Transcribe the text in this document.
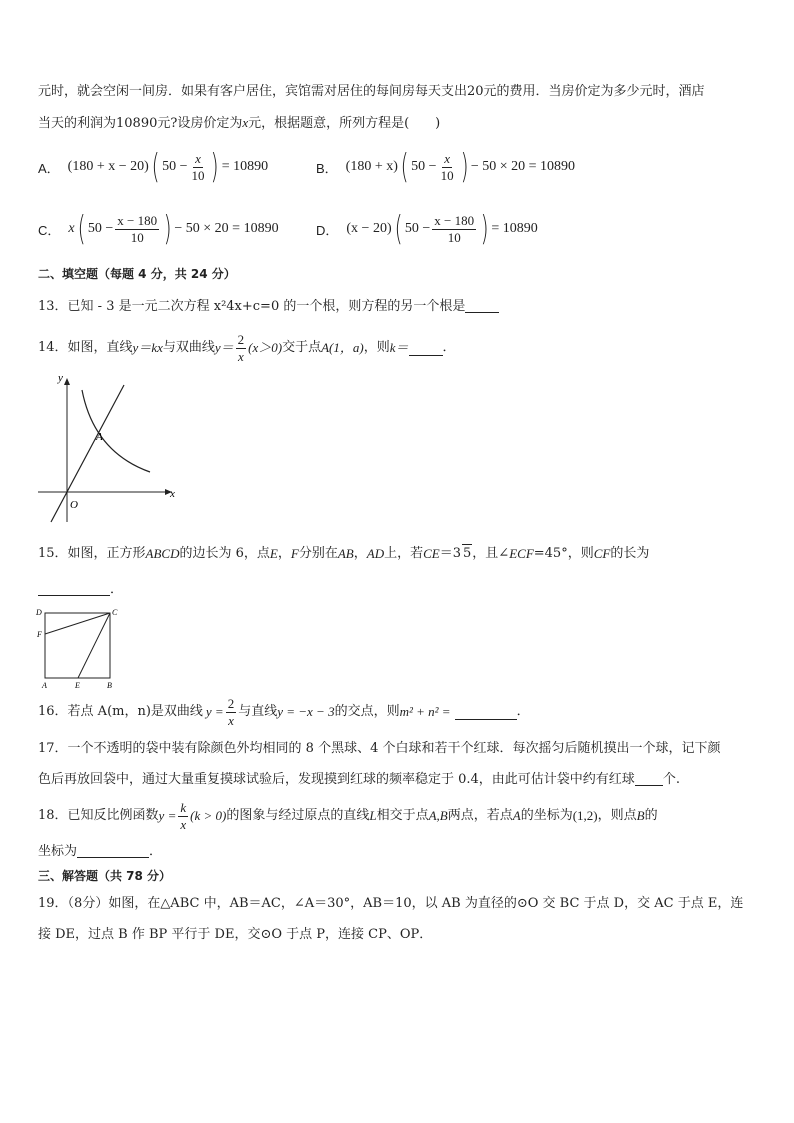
元时，就会空闲一间房．如果有客户居住，宾馆需对居住的每间房每天支出20元的费用．当房价定为多少元时，酒店
当天的利润为10890元?设房价定为x元，根据题意，所列方程是(　　)
A． (180 + x − 20) ( $50 - \frac{x}{10}$ ) = 10890	B． (180 + x) ( $50 - \frac{x}{10}$ ) − 50 × 20 = 10890
C． x ( $50 - \frac{x - 180}{10}$ ) − 50 × 20 = 10890	D． (x − 20) ( $50 - \frac{x - 180}{10}$ ) = 10890
二、填空题（每题 4 分，共 24 分）
13．已知 - 3 是一元二次方程 x²4x+c=0 的一个根，则方程的另一个根是
14．如图，直线 y＝kx 与双曲线 $y= \frac{2}{x} (x>0)$ 交于点 A(1，a) ，则 k＝	．
y
x
O
A
15．如图，正方形 ABCD 的边长为 6，点 E ， F 分别在 AB ， AD 上，若 CE ＝3 5 ，且∠ ECF =45° ，则 CF 的长为
．
D	C
F
A	E	B
16．若点 A(m，n)是双曲线 $y = \frac{2}{x}$ 与直线 y = −x − 3 的交点，则 m² + n² =	．
17．一个不透明的袋中装有除颜色外均相同的 8 个黑球、4 个白球和若干个红球．每次摇匀后随机摸出一个球，记下颜
色后再放回袋中，通过大量重复摸球试验后，发现摸到红球的频率稳定于 0.4，由此可估计袋中约有红球 个.
18．已知反比例函数 $y = \frac{k}{x} (k > 0)$ 的图象与经过原点的直线 L 相交于点 A,B 两点，若点 A 的坐标为 (1,2) ，则点 B 的
坐标为	．
三、解答题（共 78 分）
19．（8分）如图，在△ABC 中，AB＝AC，∠A＝30°，AB＝10，以 AB 为直径的⊙O 交 BC 于点 D，交 AC 于点 E，连
接 DE，过点 B 作 BP 平行于 DE，交⊙O 于点 P，连接 CP、OP．
